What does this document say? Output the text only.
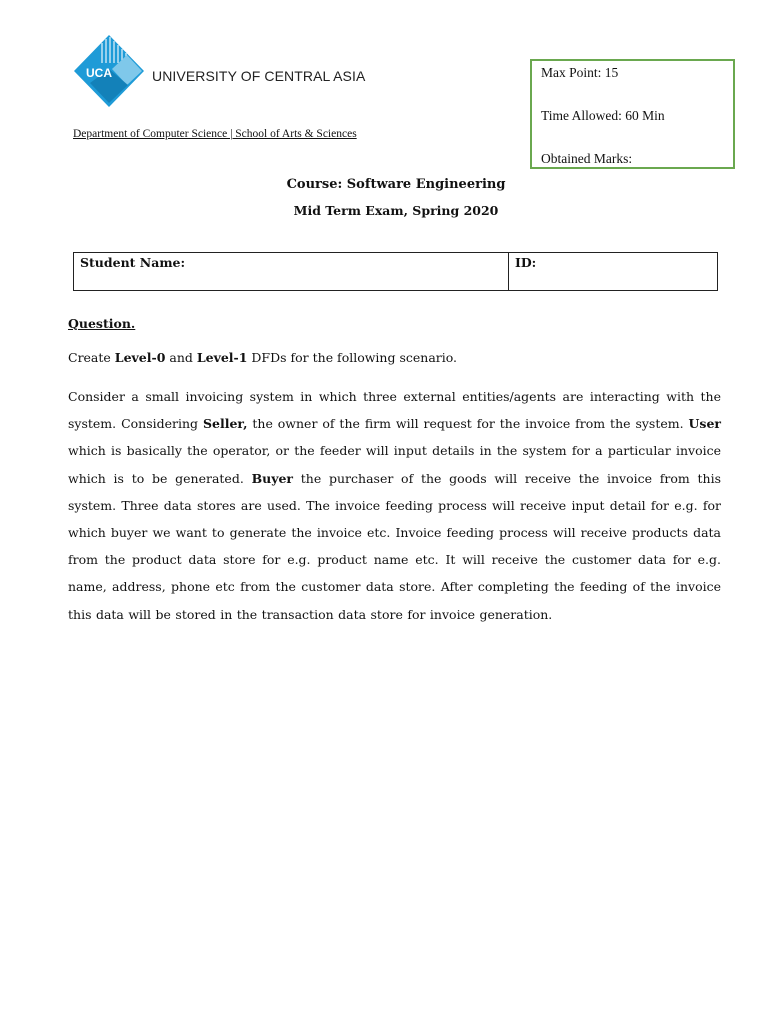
UCA	UNIVERSITY OF CENTRAL ASIA
Department of Computer Science | School of Arts & Sciences
Max Point: 15
Time Allowed: 60 Min
Obtained Marks:
Course: Software Engineering
Mid Term Exam, Spring 2020
Student Name:	ID:
Question.
Create Level-0 and Level-1 DFDs for the following scenario.
Consider a small invoicing system in which three external entities/agents are interacting with the system. Considering Seller, the owner of the firm will request for the invoice from the system. User which is basically the operator, or the feeder will input details in the system for a particular invoice which is to be generated. Buyer the purchaser of the goods will receive the invoice from this system. Three data stores are used. The invoice feeding process will receive input detail for e.g. for which buyer we want to generate the invoice etc. Invoice feeding process will receive products data from the product data store for e.g. product name etc. It will receive the customer data for e.g. name, address, phone etc from the customer data store. After completing the feeding of the invoice this data will be stored in the transaction data store for invoice generation.
